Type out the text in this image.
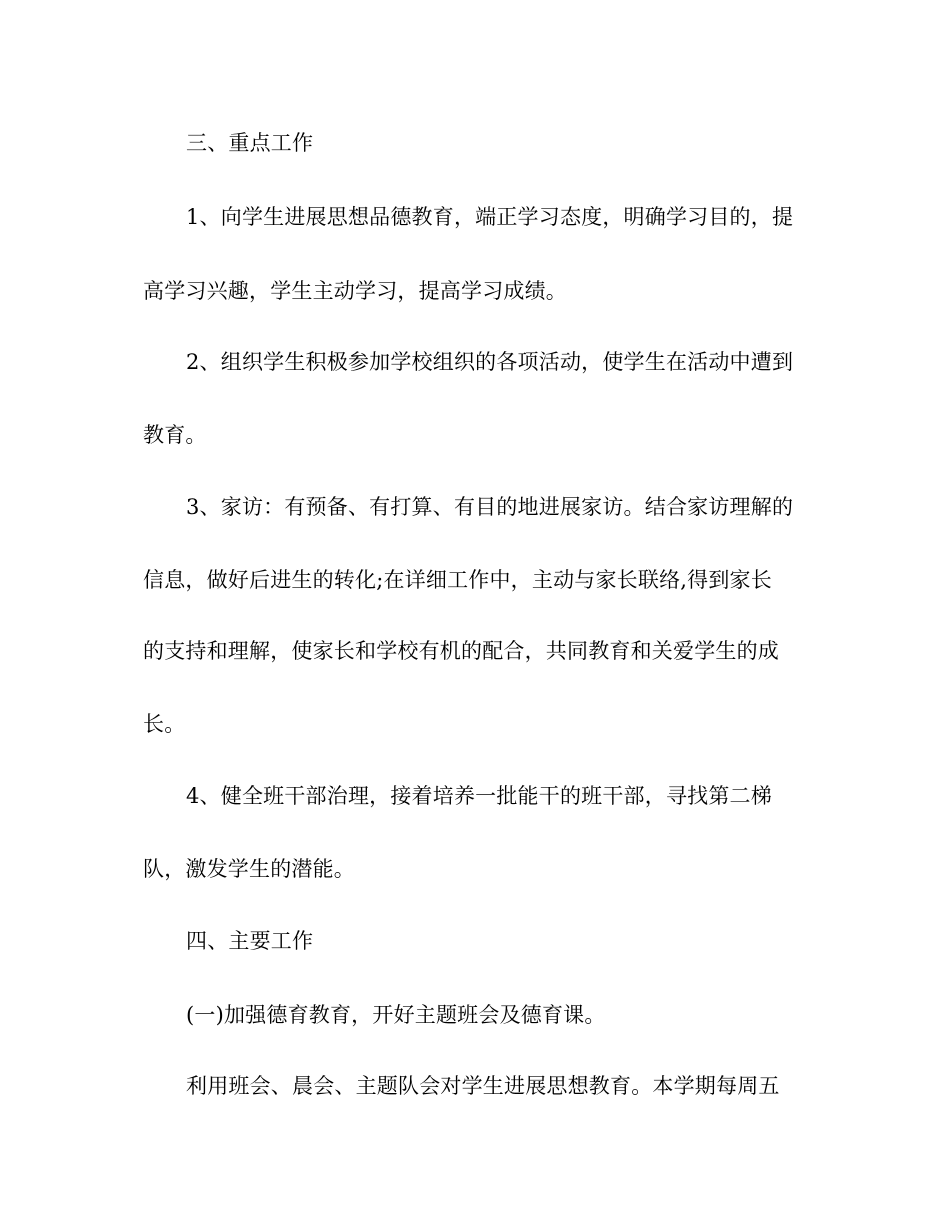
三、重点工作
1、向学生进展思想品德教育，端正学习态度，明确学习目的，提
高学习兴趣，学生主动学习，提高学习成绩。
2、组织学生积极参加学校组织的各项活动，使学生在活动中遭到
教育。
3、家访：有预备、有打算、有目的地进展家访。结合家访理解的
信息，做好后进生的转化;在详细工作中，主动与家长联络,得到家长
的支持和理解，使家长和学校有机的配合，共同教育和关爱学生的成
长。
4、健全班干部治理，接着培养一批能干的班干部，寻找第二梯
队，激发学生的潜能。
四、主要工作
(一)加强德育教育，开好主题班会及德育课。
利用班会、晨会、主题队会对学生进展思想教育。本学期每周五
